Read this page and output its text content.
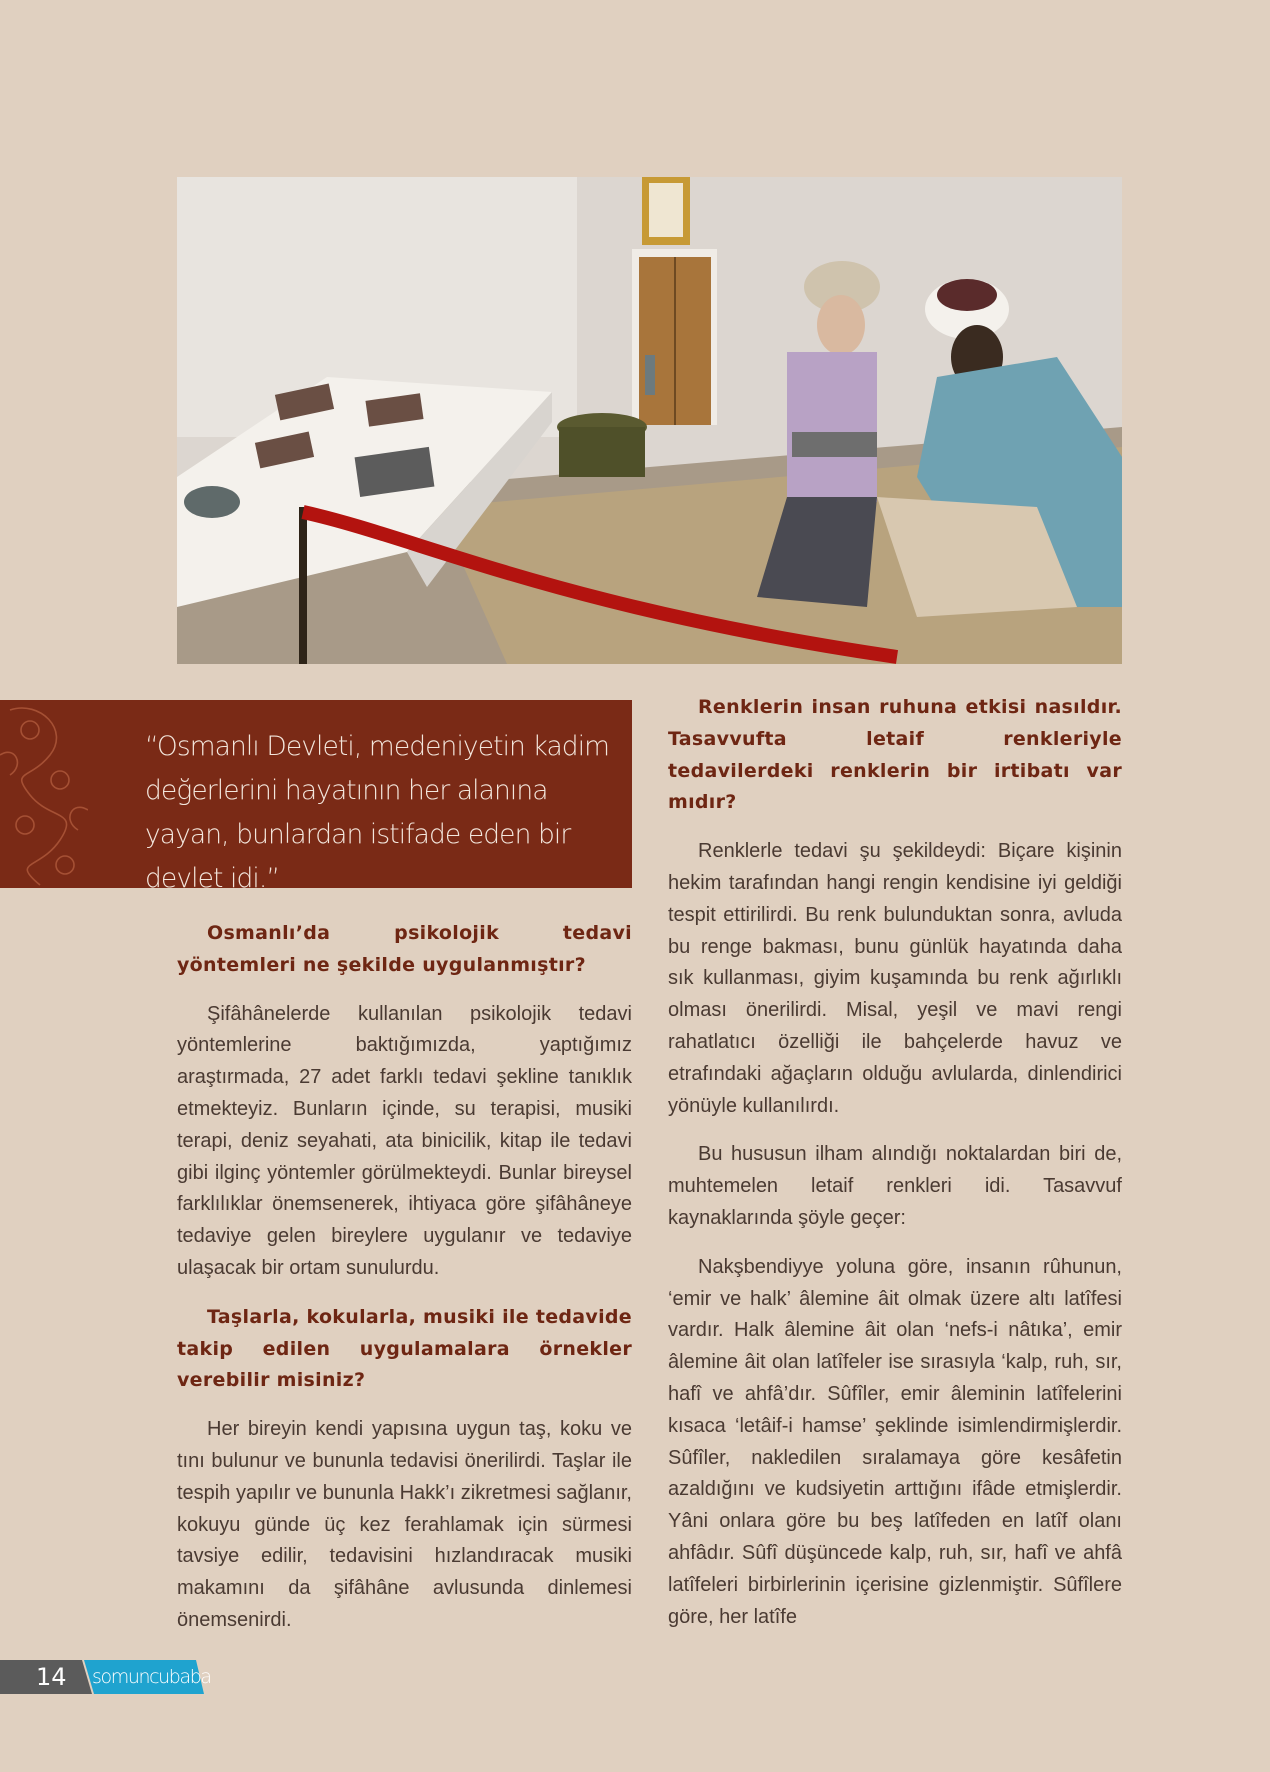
“Osmanlı Devleti, medeniyetin kadim değerlerini hayatının her alanına yayan, bunlardan istifade eden bir devlet idi.”

Osmanlı’da psikolojik tedavi yöntemleri ne şekilde uygulanmıştır?

Şifâhânelerde kullanılan psikolojik tedavi yöntemlerine baktığımızda, yaptığımız araştırmada, 27 adet farklı tedavi şekline tanıklık etmekteyiz. Bunların içinde, su terapisi, musiki terapi, deniz seyahati, ata binicilik, kitap ile tedavi gibi ilginç yöntemler görülmekteydi. Bunlar bireysel farklılıklar önemsenerek, ihtiyaca göre şifâhâneye tedaviye gelen bireylere uygulanır ve tedaviye ulaşacak bir ortam sunulurdu.

Taşlarla, kokularla, musiki ile tedavide takip edilen uygulamalara örnekler verebilir misiniz?

Her bireyin kendi yapısına uygun taş, koku ve tını bulunur ve bununla tedavisi önerilirdi. Taşlar ile tespih yapılır ve bununla Hakk’ı zikretmesi sağlanır, kokuyu günde üç kez ferahlamak için sürmesi tavsiye edilir, tedavisini hızlandıracak musiki makamını da şifâhâne avlusunda dinlemesi önemsenirdi.

Renklerin insan ruhuna etkisi nasıldır. Tasavvufta letaif renkleriyle tedavilerdeki renklerin bir irtibatı var mıdır?

Renklerle tedavi şu şekildeydi: Biçare kişinin hekim tarafından hangi rengin kendisine iyi geldiği tespit ettirilirdi. Bu renk bulunduktan sonra, avluda bu renge bakması, bunu günlük hayatında daha sık kullanması, giyim kuşamında bu renk ağırlıklı olması önerilirdi. Misal, yeşil ve mavi rengi rahatlatıcı özelliği ile bahçelerde havuz ve etrafındaki ağaçların olduğu avlularda, dinlendirici yönüyle kullanılırdı.

Bu hususun ilham alındığı noktalardan biri de, muhtemelen letaif renkleri idi. Tasavvuf kaynaklarında şöyle geçer:

Nakşbendiyye yoluna göre, insanın rûhunun, ‘emir ve halk’ âlemine âit olmak üzere altı latîfesi vardır. Halk âlemine âit olan ‘nefs-i nâtıka’, emir âlemine âit olan latîfeler ise sırasıyla ‘kalp, ruh, sır, hafî ve ahfâ’dır. Sûfîler, emir âleminin latîfelerini kısaca ‘letâif-i hamse’ şeklinde isimlendirmişlerdir. Sûfîler, nakledilen sıralamaya göre kesâfetin azaldığını ve kudsiyetin arttığını ifâde etmişlerdir. Yâni onlara göre bu beş latîfeden en latîf olanı ahfâdır. Sûfî düşüncede kalp, ruh, sır, hafî ve ahfâ latîfeleri birbirlerinin içerisine gizlenmiştir. Sûfîlere göre, her latîfe

14 somuncubaba
